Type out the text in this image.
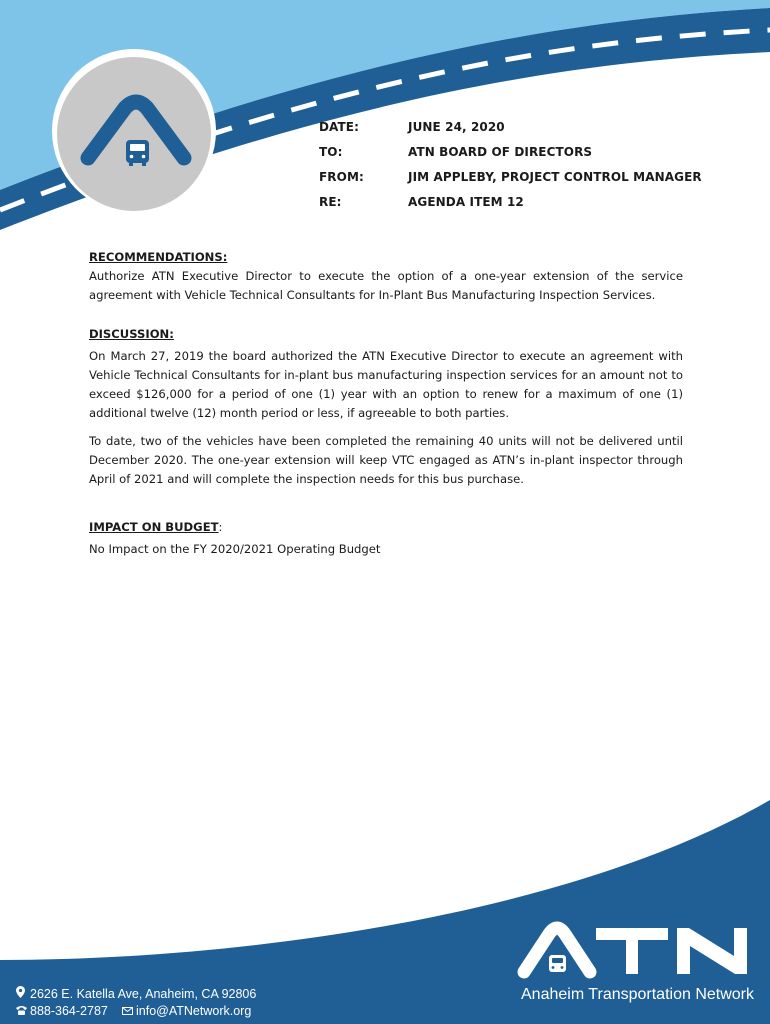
DATE:	JUNE 24, 2020
TO:	ATN BOARD OF DIRECTORS
FROM:	JIM APPLEBY, PROJECT CONTROL MANAGER
RE:	AGENDA ITEM 12
RECOMMENDATIONS:

Authorize ATN Executive Director to execute the option of a one-year extension of the service agreement with Vehicle Technical Consultants for In-Plant Bus Manufacturing Inspection Services.

DISCUSSION:

On March 27, 2019 the board authorized the ATN Executive Director to execute an agreement with Vehicle Technical Consultants for in-plant bus manufacturing inspection services for an amount not to exceed $126,000 for a period of one (1) year with an option to renew for a maximum of one (1) additional twelve (12) month period or less, if agreeable to both parties.

To date, two of the vehicles have been completed the remaining 40 units will not be delivered until December 2020. The one-year extension will keep VTC engaged as ATN’s in-plant inspector through April of 2021 and will complete the inspection needs for this bus purchase.

IMPACT ON BUDGET:

No Impact on the FY 2020/2021 Operating Budget

Anaheim Transportation Network
2626 E. Katella Ave, Anaheim, CA 92806
888-364-2787	info@ATNetwork.org
